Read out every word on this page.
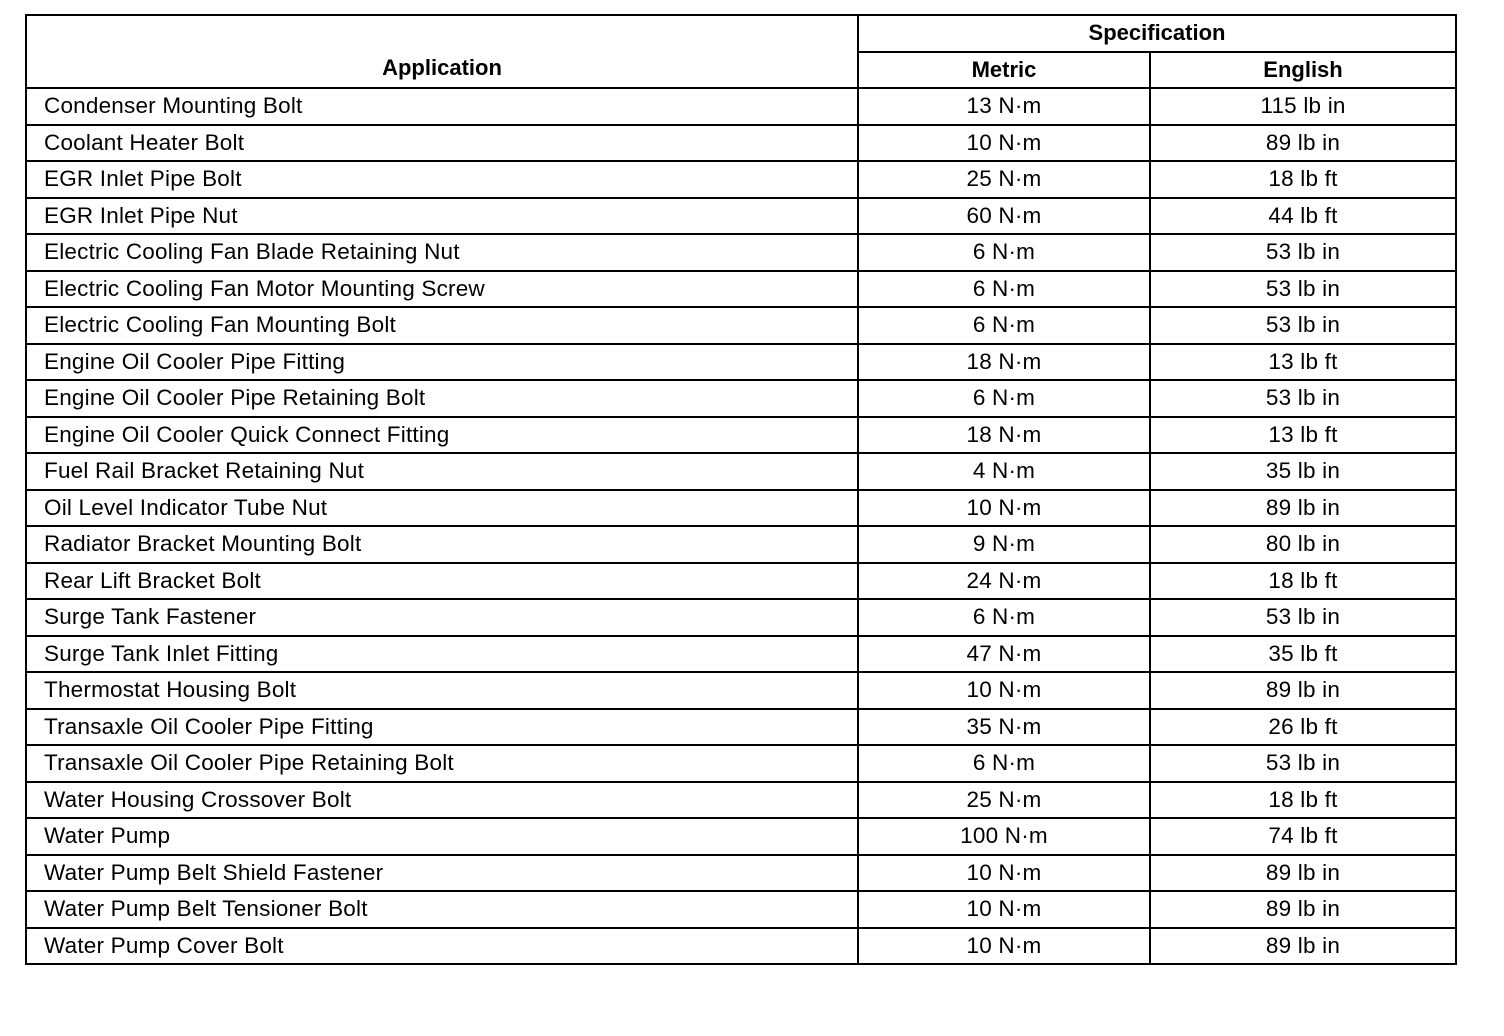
Application	Specification	
	Metric	English
Condenser Mounting Bolt	13 N·m	115 lb in
Coolant Heater Bolt	10 N·m	89 lb in
EGR Inlet Pipe Bolt	25 N·m	18 lb ft
EGR Inlet Pipe Nut	60 N·m	44 lb ft
Electric Cooling Fan Blade Retaining Nut	6 N·m	53 lb in
Electric Cooling Fan Motor Mounting Screw	6 N·m	53 lb in
Electric Cooling Fan Mounting Bolt	6 N·m	53 lb in
Engine Oil Cooler Pipe Fitting	18 N·m	13 lb ft
Engine Oil Cooler Pipe Retaining Bolt	6 N·m	53 lb in
Engine Oil Cooler Quick Connect Fitting	18 N·m	13 lb ft
Fuel Rail Bracket Retaining Nut	4 N·m	35 lb in
Oil Level Indicator Tube Nut	10 N·m	89 lb in
Radiator Bracket Mounting Bolt	9 N·m	80 lb in
Rear Lift Bracket Bolt	24 N·m	18 lb ft
Surge Tank Fastener	6 N·m	53 lb in
Surge Tank Inlet Fitting	47 N·m	35 lb ft
Thermostat Housing Bolt	10 N·m	89 lb in
Transaxle Oil Cooler Pipe Fitting	35 N·m	26 lb ft
Transaxle Oil Cooler Pipe Retaining Bolt	6 N·m	53 lb in
Water Housing Crossover Bolt	25 N·m	18 lb ft
Water Pump	100 N·m	74 lb ft
Water Pump Belt Shield Fastener	10 N·m	89 lb in
Water Pump Belt Tensioner Bolt	10 N·m	89 lb in
Water Pump Cover Bolt	10 N·m	89 lb in
